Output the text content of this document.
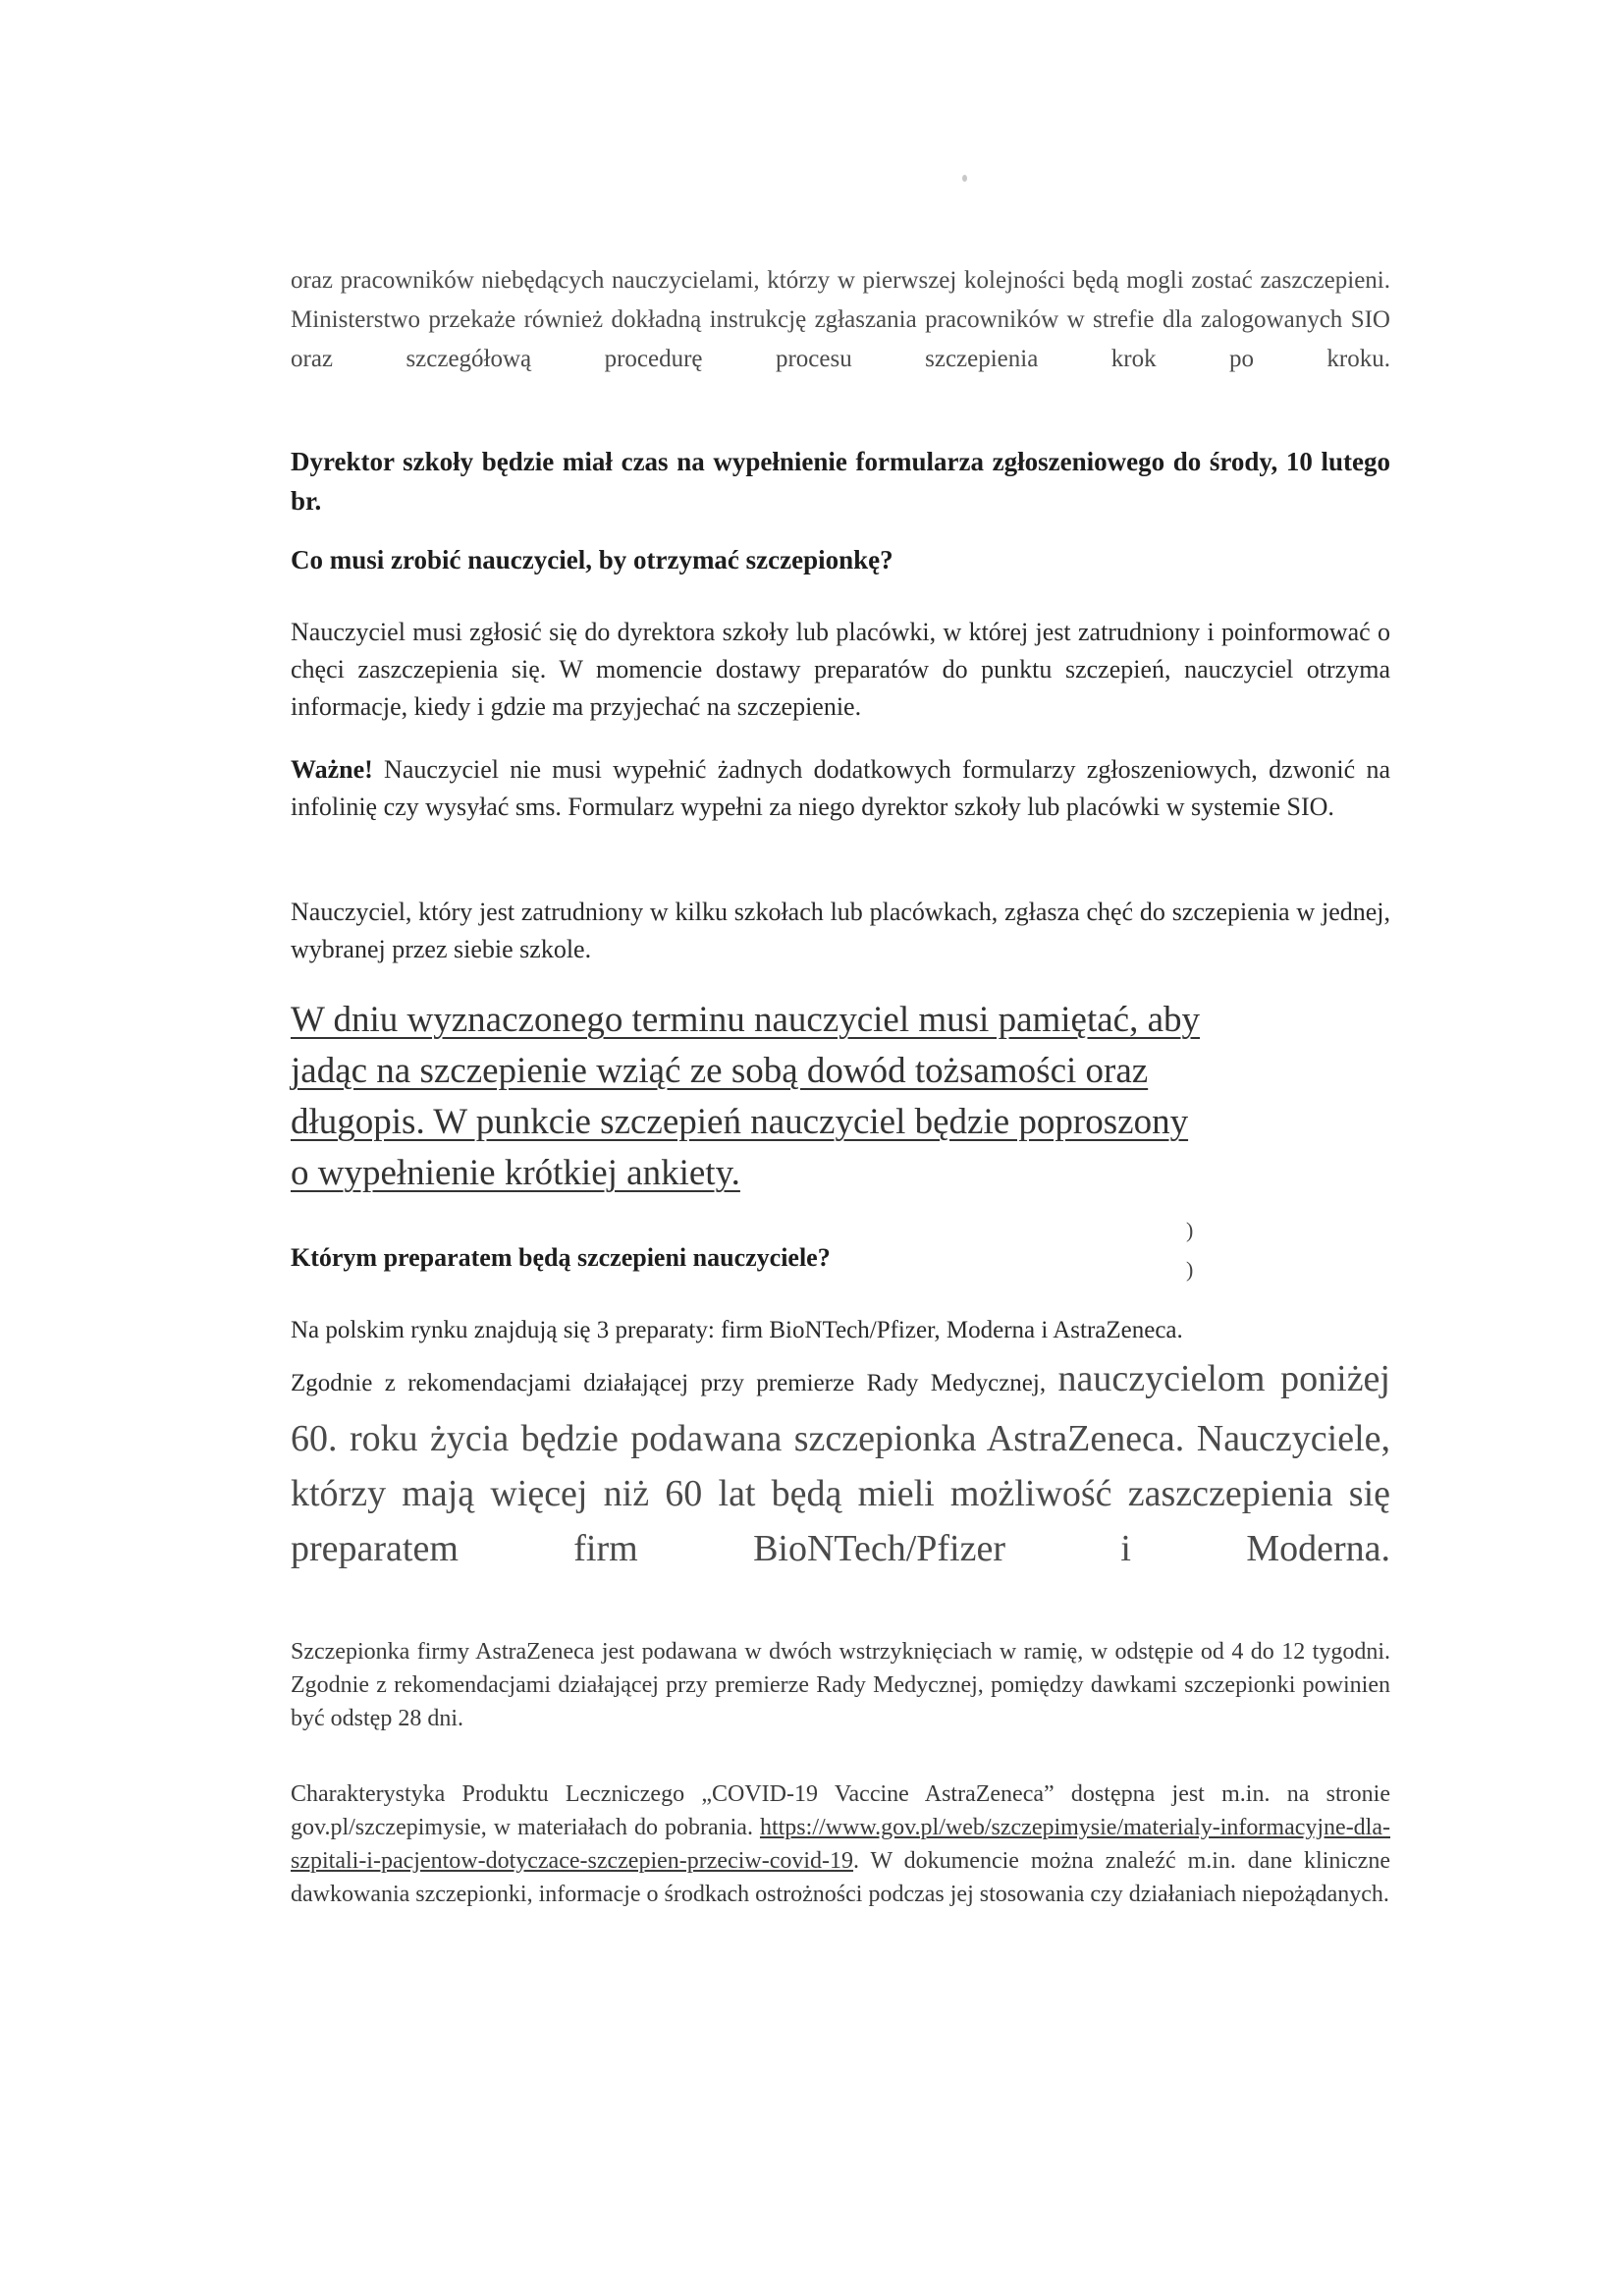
oraz pracowników niebędących nauczycielami, którzy w pierwszej kolejności będą mogli zostać zaszczepieni. Ministerstwo przekaże również dokładną instrukcję zgłaszania pracowników w strefie dla zalogowanych SIO oraz szczegółową procedurę procesu szczepienia krok po kroku.

Dyrektor szkoły będzie miał czas na wypełnienie formularza zgłoszeniowego do środy, 10 lutego br.

Co musi zrobić nauczyciel, by otrzymać szczepionkę?

Nauczyciel musi zgłosić się do dyrektora szkoły lub placówki, w której jest zatrudniony i poinformować o chęci zaszczepienia się. W momencie dostawy preparatów do punktu szczepień, nauczyciel otrzyma informacje, kiedy i gdzie ma przyjechać na szczepienie.

Ważne! Nauczyciel nie musi wypełnić żadnych dodatkowych formularzy zgłoszeniowych, dzwonić na infolinię czy wysyłać sms. Formularz wypełni za niego dyrektor szkoły lub placówki w systemie SIO.

Nauczyciel, który jest zatrudniony w kilku szkołach lub placówkach, zgłasza chęć do szczepienia w jednej, wybranej przez siebie szkole.

W dniu wyznaczonego terminu nauczyciel musi pamiętać, aby
jadąc na szczepienie wziąć ze sobą dowód tożsamości oraz
długopis. W punkcie szczepień nauczyciel będzie poproszony
o wypełnienie krótkiej ankiety.
)
)

Którym preparatem będą szczepieni nauczyciele?

Na polskim rynku znajdują się 3 preparaty: firm BioNTech/Pfizer, Moderna i AstraZeneca.

Zgodnie z rekomendacjami działającej przy premierze Rady Medycznej, nauczycielom poniżej 60. roku życia będzie podawana szczepionka AstraZeneca. Nauczyciele, którzy mają więcej niż 60 lat będą mieli możliwość zaszczepienia się preparatem firm BioNTech/Pfizer i Moderna.

Szczepionka firmy AstraZeneca jest podawana w dwóch wstrzyknięciach w ramię, w odstępie od 4 do 12 tygodni. Zgodnie z rekomendacjami działającej przy premierze Rady Medycznej, pomiędzy dawkami szczepionki powinien być odstęp 28 dni.

Charakterystyka Produktu Leczniczego „COVID-19 Vaccine AstraZeneca” dostępna jest m.in. na stronie gov.pl/szczepimysie, w materiałach do pobrania. https://www.gov.pl/web/szczepimysie/materialy-informacyjne-dla-szpitali-i-pacjentow-dotyczace-szczepien-przeciw-covid-19. W dokumencie można znaleźć m.in. dane kliniczne dawkowania szczepionki, informacje o środkach ostrożności podczas jej stosowania czy działaniach niepożądanych.
